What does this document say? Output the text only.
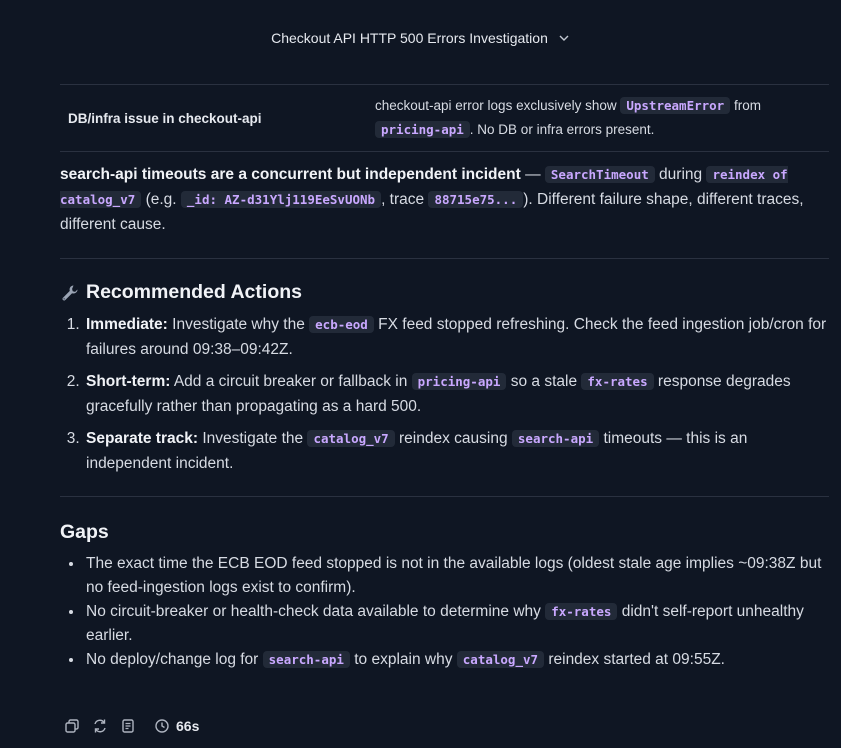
Checkout API HTTP 500 Errors Investigation
DB/infra issue in checkout-api
checkout-api error logs exclusively show UpstreamError from
pricing-api . No DB or infra errors present.
search-api timeouts are a concurrent but independent incident — SearchTimeout during reindex of catalog_v7 (e.g. _id: AZ-d31Ylj119EeSvUONb , trace 88715e75... ). Different failure shape, different traces, different cause.
Recommended Actions
1. Immediate: Investigate why the ecb-eod FX feed stopped refreshing. Check the feed ingestion job/cron for failures around 09:38–09:42Z.
2. Short-term: Add a circuit breaker or fallback in pricing-api so a stale fx-rates response degrades gracefully rather than propagating as a hard 500.
3. Separate track: Investigate the catalog_v7 reindex causing search-api timeouts — this is an independent incident.
Gaps
• The exact time the ECB EOD feed stopped is not in the available logs (oldest stale age implies ~09:38Z but no feed-ingestion logs exist to confirm).
• No circuit-breaker or health-check data available to determine why fx-rates didn't self-report unhealthy earlier.
• No deploy/change log for search-api to explain why catalog_v7 reindex started at 09:55Z.
66s
